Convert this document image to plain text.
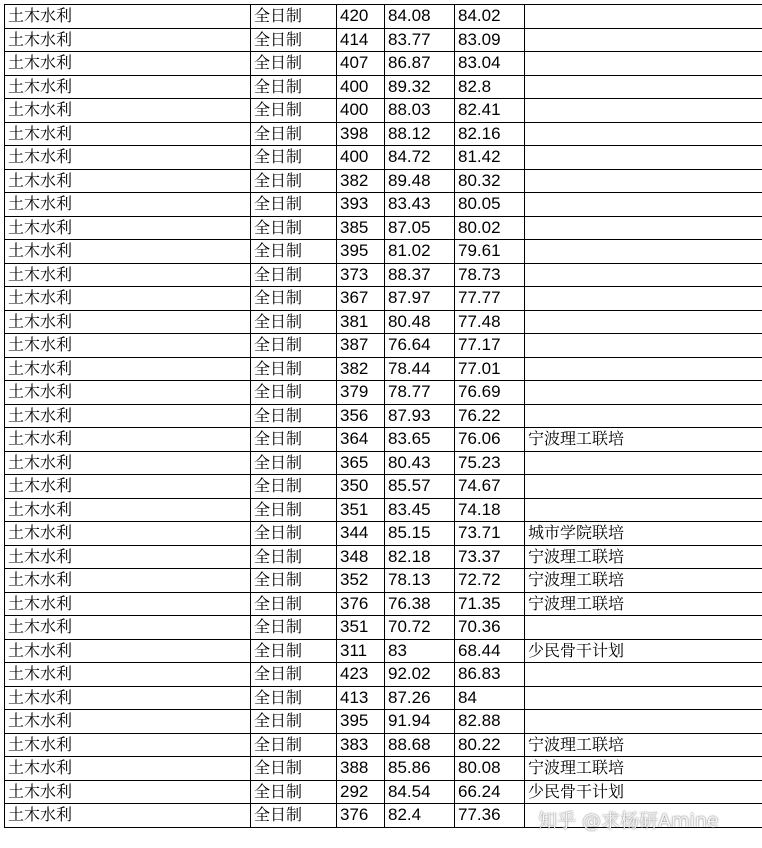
土木水利	全日制	420	84.08	84.02	
土木水利	全日制	414	83.77	83.09	
土木水利	全日制	407	86.87	83.04	
土木水利	全日制	400	89.32	82.8	
土木水利	全日制	400	88.03	82.41	
土木水利	全日制	398	88.12	82.16	
土木水利	全日制	400	84.72	81.42	
土木水利	全日制	382	89.48	80.32	
土木水利	全日制	393	83.43	80.05	
土木水利	全日制	385	87.05	80.02	
土木水利	全日制	395	81.02	79.61	
土木水利	全日制	373	88.37	78.73	
土木水利	全日制	367	87.97	77.77	
土木水利	全日制	381	80.48	77.48	
土木水利	全日制	387	76.64	77.17	
土木水利	全日制	382	78.44	77.01	
土木水利	全日制	379	78.77	76.69	
土木水利	全日制	356	87.93	76.22	
土木水利	全日制	364	83.65	76.06	宁波理工联培
土木水利	全日制	365	80.43	75.23	
土木水利	全日制	350	85.57	74.67	
土木水利	全日制	351	83.45	74.18	
土木水利	全日制	344	85.15	73.71	城市学院联培
土木水利	全日制	348	82.18	73.37	宁波理工联培
土木水利	全日制	352	78.13	72.72	宁波理工联培
土木水利	全日制	376	76.38	71.35	宁波理工联培
土木水利	全日制	351	70.72	70.36	
土木水利	全日制	311	83	68.44	少民骨干计划
土木水利	全日制	423	92.02	86.83	
土木水利	全日制	413	87.26	84	
土木水利	全日制	395	91.94	82.88	
土木水利	全日制	383	88.68	80.22	宁波理工联培
土木水利	全日制	388	85.86	80.08	宁波理工联培
土木水利	全日制	292	84.54	66.24	少民骨干计划
土木水利	全日制	376	82.4	77.36	知乎 @求杨研Amine
